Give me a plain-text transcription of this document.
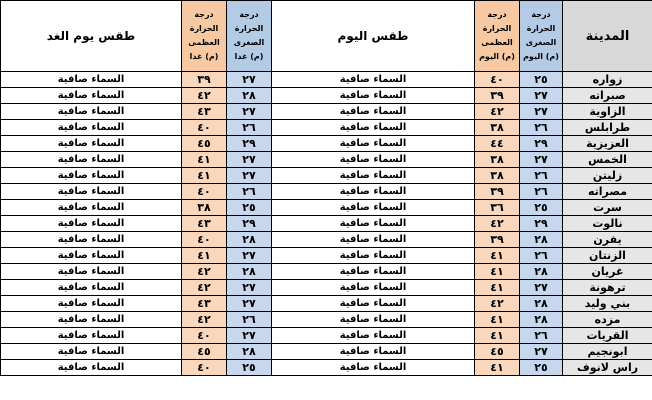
المدينة	درجة
الحرارة
الصغرى
(م) اليوم	درجة
الحرارة
العظمى
(م) اليوم	طقس اليوم	درجة
الحرارة
الصغرى
(م) غدا	درجة
الحرارة
العظمى
(م) غدا	طقس يوم الغد
زواره	٢٥	٤٠	السماء صافية	٢٧	٣٩	السماء صافية
صبراته	٢٧	٣٩	السماء صافية	٢٨	٤٢	السماء صافية
الزاوية	٢٧	٤٢	السماء صافية	٢٧	٤٣	السماء صافية
طرابلس	٢٦	٣٨	السماء صافية	٢٦	٤٠	السماء صافية
العزيزية	٢٩	٤٤	السماء صافية	٢٩	٤٥	السماء صافية
الخمس	٢٧	٣٨	السماء صافية	٢٧	٤١	السماء صافية
زليتن	٢٦	٣٨	السماء صافية	٢٧	٤١	السماء صافية
مصراته	٢٦	٣٩	السماء صافية	٢٦	٤٠	السماء صافية
سرت	٢٥	٣٦	السماء صافية	٢٥	٣٨	السماء صافية
نالوت	٢٩	٤٢	السماء صافية	٢٩	٤٣	السماء صافية
يفرن	٢٨	٣٩	السماء صافية	٢٨	٤٠	السماء صافية
الزنتان	٢٦	٤١	السماء صافية	٢٧	٤١	السماء صافية
غريان	٢٨	٤١	السماء صافية	٢٨	٤٢	السماء صافية
ترهونة	٢٧	٤١	السماء صافية	٢٧	٤٢	السماء صافية
بني وليد	٢٨	٤٢	السماء صافية	٢٧	٤٣	السماء صافية
مزده	٢٨	٤١	السماء صافية	٢٦	٤٢	السماء صافية
القريات	٢٦	٤١	السماء صافية	٢٧	٤٠	السماء صافية
ابونجيم	٢٧	٤٥	السماء صافية	٢٨	٤٥	السماء صافية
راس لانوف	٢٥	٤١	السماء صافية	٢٥	٤٠	السماء صافية
